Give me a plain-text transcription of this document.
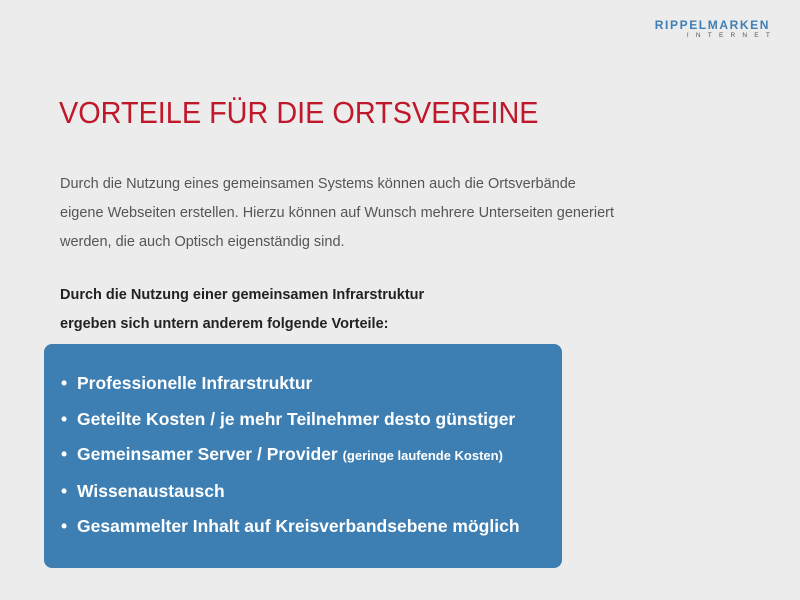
RIPPELMARKEN
INTERNET
VORTEILE FÜR DIE ORTSVEREINE

Durch die Nutzung eines gemeinsamen Systems können auch die Ortsverbände
eigene Webseiten erstellen. Hierzu können auf Wunsch mehrere Unterseiten generiert
werden, die auch Optisch eigenständig sind.

Durch die Nutzung einer gemeinsamen Infrarstruktur
ergeben sich untern anderem folgende Vorteile:

• Professionelle Infrarstruktur
• Geteilte Kosten / je mehr Teilnehmer desto günstiger
• Gemeinsamer Server / Provider (geringe laufende Kosten)
• Wissenaustausch
• Gesammelter Inhalt auf Kreisverbandsebene möglich
